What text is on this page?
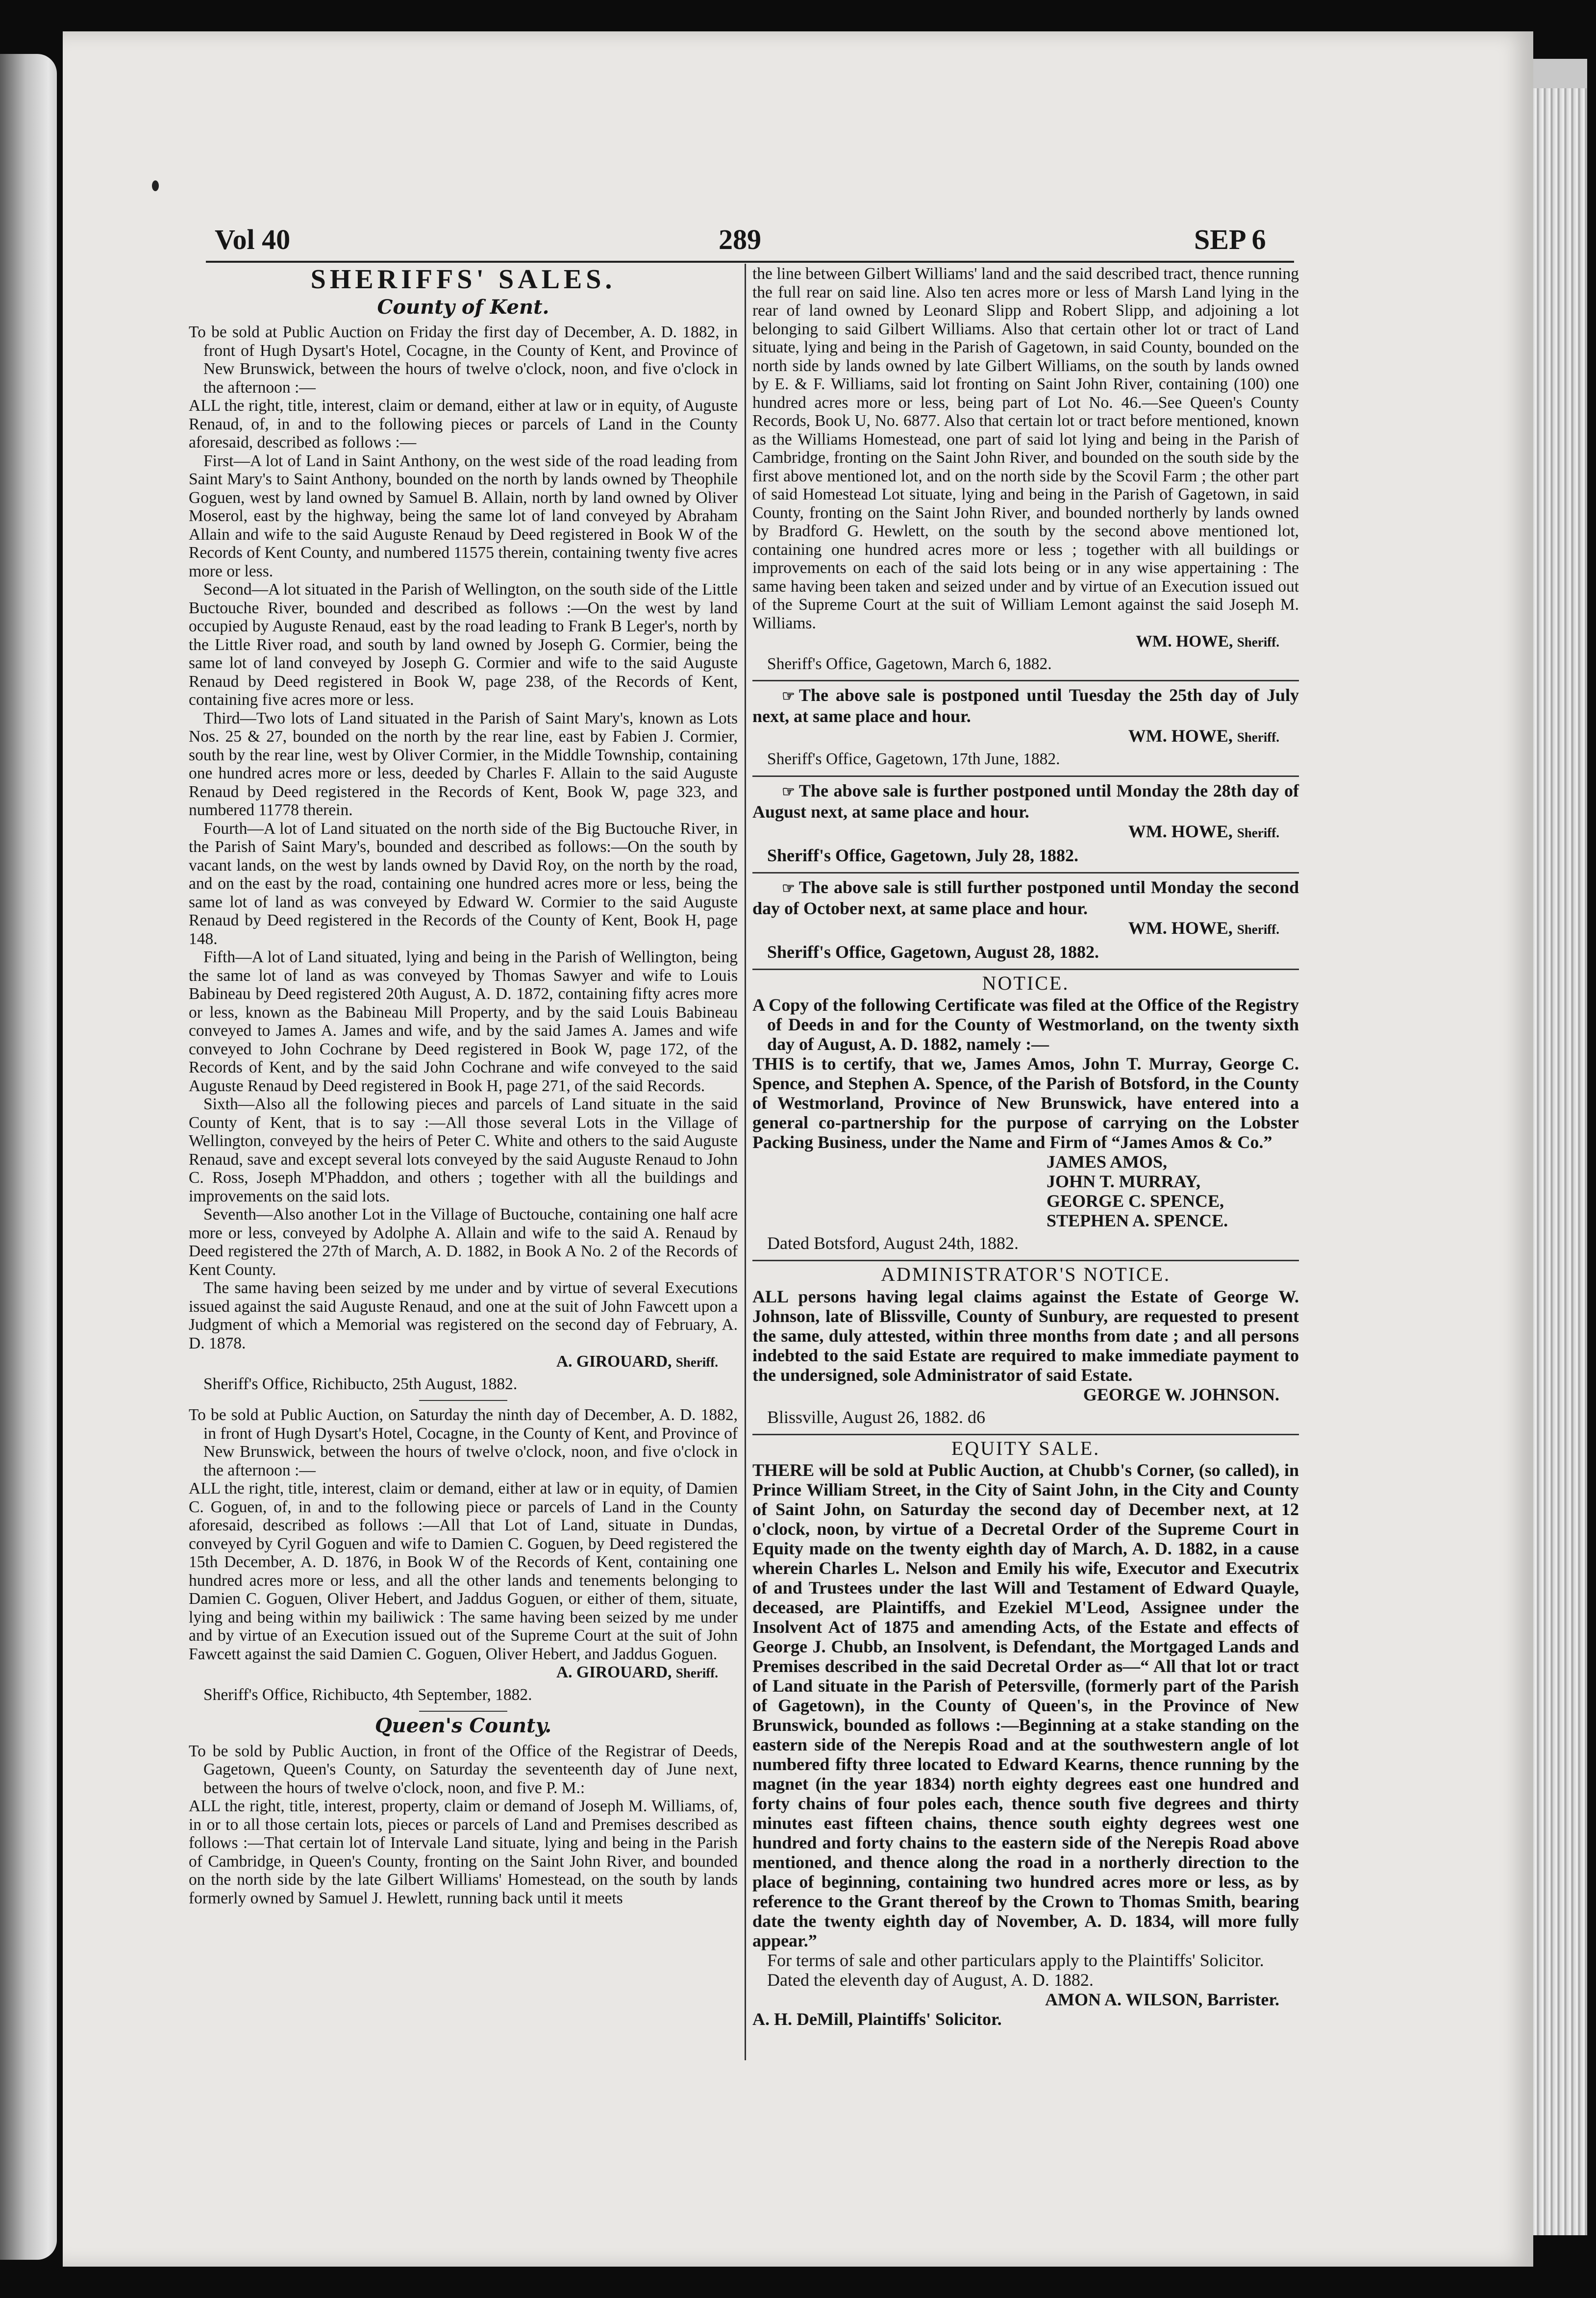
Vol 40	289	SEP 6
SHERIFFS' SALES.
County of Kent.

To be sold at Public Auction on Friday the first day of December, A. D. 1882, in front of Hugh Dysart's Hotel, Cocagne, in the County of Kent, and Province of New Brunswick, between the hours of twelve o'clock, noon, and five o'clock in the afternoon :—

ALL the right, title, interest, claim or demand, either at law or in equity, of Auguste Renaud, of, in and to the following pieces or parcels of Land in the County aforesaid, described as follows :—

First—A lot of Land in Saint Anthony, on the west side of the road leading from Saint Mary's to Saint Anthony, bounded on the north by lands owned by Theophile Goguen, west by land owned by Samuel B. Allain, north by land owned by Oliver Moserol, east by the highway, being the same lot of land conveyed by Abraham Allain and wife to the said Auguste Renaud by Deed registered in Book W of the Records of Kent County, and numbered 11575 therein, containing twenty five acres more or less.

Second—A lot situated in the Parish of Wellington, on the south side of the Little Buctouche River, bounded and described as follows :—On the west by land occupied by Auguste Renaud, east by the road leading to Frank B Leger's, north by the Little River road, and south by land owned by Joseph G. Cormier, being the same lot of land conveyed by Joseph G. Cormier and wife to the said Auguste Renaud by Deed registered in Book W, page 238, of the Records of Kent, containing five acres more or less.

Third—Two lots of Land situated in the Parish of Saint Mary's, known as Lots Nos. 25 & 27, bounded on the north by the rear line, east by Fabien J. Cormier, south by the rear line, west by Oliver Cormier, in the Middle Township, containing one hundred acres more or less, deeded by Charles F. Allain to the said Auguste Renaud by Deed registered in the Records of Kent, Book W, page 323, and numbered 11778 therein.

Fourth—A lot of Land situated on the north side of the Big Buctouche River, in the Parish of Saint Mary's, bounded and described as follows:—On the south by vacant lands, on the west by lands owned by David Roy, on the north by the road, and on the east by the road, containing one hundred acres more or less, being the same lot of land as was conveyed by Edward W. Cormier to the said Auguste Renaud by Deed registered in the Records of the County of Kent, Book H, page 148.

Fifth—A lot of Land situated, lying and being in the Parish of Wellington, being the same lot of land as was conveyed by Thomas Sawyer and wife to Louis Babineau by Deed registered 20th August, A. D. 1872, containing fifty acres more or less, known as the Babineau Mill Property, and by the said Louis Babineau conveyed to James A. James and wife, and by the said James A. James and wife conveyed to John Cochrane by Deed registered in Book W, page 172, of the Records of Kent, and by the said John Cochrane and wife conveyed to the said Auguste Renaud by Deed registered in Book H, page 271, of the said Records.

Sixth—Also all the following pieces and parcels of Land situate in the said County of Kent, that is to say :—All those several Lots in the Village of Wellington, conveyed by the heirs of Peter C. White and others to the said Auguste Renaud, save and except several lots conveyed by the said Auguste Renaud to John C. Ross, Joseph M'Phaddon, and others ; together with all the buildings and improvements on the said lots.

Seventh—Also another Lot in the Village of Buctouche, containing one half acre more or less, conveyed by Adolphe A. Allain and wife to the said A. Renaud by Deed registered the 27th of March, A. D. 1882, in Book A No. 2 of the Records of Kent County.

The same having been seized by me under and by virtue of several Executions issued against the said Auguste Renaud, and one at the suit of John Fawcett upon a Judgment of which a Memorial was registered on the second day of February, A. D. 1878.

A. GIROUARD, Sheriff.
Sheriff's Office, Richibucto, 25th August, 1882.

To be sold at Public Auction, on Saturday the ninth day of December, A. D. 1882, in front of Hugh Dysart's Hotel, Cocagne, in the County of Kent, and Province of New Brunswick, between the hours of twelve o'clock, noon, and five o'clock in the afternoon :—

ALL the right, title, interest, claim or demand, either at law or in equity, of Damien C. Goguen, of, in and to the following piece or parcels of Land in the County aforesaid, described as follows :—All that Lot of Land, situate in Dundas, conveyed by Cyril Goguen and wife to Damien C. Goguen, by Deed registered the 15th December, A. D. 1876, in Book W of the Records of Kent, containing one hundred acres more or less, and all the other lands and tenements belonging to Damien C. Goguen, Oliver Hebert, and Jaddus Goguen, or either of them, situate, lying and being within my bailiwick : The same having been seized by me under and by virtue of an Execution issued out of the Supreme Court at the suit of John Fawcett against the said Damien C. Goguen, Oliver Hebert, and Jaddus Goguen.

A. GIROUARD, Sheriff.
Sheriff's Office, Richibucto, 4th September, 1882.
Queen's County.

To be sold by Public Auction, in front of the Office of the Registrar of Deeds, Gagetown, Queen's County, on Saturday the seventeenth day of June next, between the hours of twelve o'clock, noon, and five P. M.:

ALL the right, title, interest, property, claim or demand of Joseph M. Williams, of, in or to all those certain lots, pieces or parcels of Land and Premises described as follows :—That certain lot of Intervale Land situate, lying and being in the Parish of Cambridge, in Queen's County, fronting on the Saint John River, and bounded on the north side by the late Gilbert Williams' Homestead, on the south by lands formerly owned by Samuel J. Hewlett, running back until it meets

the line between Gilbert Williams' land and the said described tract, thence running the full rear on said line. Also ten acres more or less of Marsh Land lying in the rear of land owned by Leonard Slipp and Robert Slipp, and adjoining a lot belonging to said Gilbert Williams. Also that certain other lot or tract of Land situate, lying and being in the Parish of Gagetown, in said County, bounded on the north side by lands owned by late Gilbert Williams, on the south by lands owned by E. & F. Williams, said lot fronting on Saint John River, containing (100) one hundred acres more or less, being part of Lot No. 46.—See Queen's County Records, Book U, No. 6877. Also that certain lot or tract before mentioned, known as the Williams Homestead, one part of said lot lying and being in the Parish of Cambridge, fronting on the Saint John River, and bounded on the south side by the first above mentioned lot, and on the north side by the Scovil Farm ; the other part of said Homestead Lot situate, lying and being in the Parish of Gagetown, in said County, fronting on the Saint John River, and bounded northerly by lands owned by Bradford G. Hewlett, on the south by the second above mentioned lot, containing one hundred acres more or less ; together with all buildings or improvements on each of the said lots being or in any wise appertaining : The same having been taken and seized under and by virtue of an Execution issued out of the Supreme Court at the suit of William Lemont against the said Joseph M. Williams.

WM. HOWE, Sheriff.
Sheriff's Office, Gagetown, March 6, 1882.

☞ The above sale is postponed until Tuesday the 25th day of July next, at same place and hour.

WM. HOWE, Sheriff.
Sheriff's Office, Gagetown, 17th June, 1882.

☞ The above sale is further postponed until Monday the 28th day of August next, at same place and hour.

WM. HOWE, Sheriff.
Sheriff's Office, Gagetown, July 28, 1882.

☞ The above sale is still further postponed until Monday the second day of October next, at same place and hour.

WM. HOWE, Sheriff.
Sheriff's Office, Gagetown, August 28, 1882.
NOTICE.

A Copy of the following Certificate was filed at the Office of the Registry of Deeds in and for the County of Westmorland, on the twenty sixth day of August, A. D. 1882, namely :—

THIS is to certify, that we, James Amos, John T. Murray, George C. Spence, and Stephen A. Spence, of the Parish of Botsford, in the County of Westmorland, Province of New Brunswick, have entered into a general co-partnership for the purpose of carrying on the Lobster Packing Business, under the Name and Firm of “James Amos & Co.”

JAMES AMOS,
JOHN T. MURRAY,
GEORGE C. SPENCE,
STEPHEN A. SPENCE.
Dated Botsford, August 24th, 1882.
ADMINISTRATOR'S NOTICE.

ALL persons having legal claims against the Estate of George W. Johnson, late of Blissville, County of Sunbury, are requested to present the same, duly attested, within three months from date ; and all persons indebted to the said Estate are required to make immediate payment to the undersigned, sole Administrator of said Estate.

GEORGE W. JOHNSON.
Blissville, August 26, 1882. d6
EQUITY SALE.

THERE will be sold at Public Auction, at Chubb's Corner, (so called), in Prince William Street, in the City of Saint John, in the City and County of Saint John, on Saturday the second day of December next, at 12 o'clock, noon, by virtue of a Decretal Order of the Supreme Court in Equity made on the twenty eighth day of March, A. D. 1882, in a cause wherein Charles L. Nelson and Emily his wife, Executor and Executrix of and Trustees under the last Will and Testament of Edward Quayle, deceased, are Plaintiffs, and Ezekiel M'Leod, Assignee under the Insolvent Act of 1875 and amending Acts, of the Estate and effects of George J. Chubb, an Insolvent, is Defendant, the Mortgaged Lands and Premises described in the said Decretal Order as—“ All that lot or tract of Land situate in the Parish of Petersville, (formerly part of the Parish of Gagetown), in the County of Queen's, in the Province of New Brunswick, bounded as follows :—Beginning at a stake standing on the eastern side of the Nerepis Road and at the southwestern angle of lot numbered fifty three located to Edward Kearns, thence running by the magnet (in the year 1834) north eighty degrees east one hundred and forty chains of four poles each, thence south five degrees and thirty minutes east fifteen chains, thence south eighty degrees west one hundred and forty chains to the eastern side of the Nerepis Road above mentioned, and thence along the road in a northerly direction to the place of beginning, containing two hundred acres more or less, as by reference to the Grant thereof by the Crown to Thomas Smith, bearing date the twenty eighth day of November, A. D. 1834, will more fully appear.”

For terms of sale and other particulars apply to the Plaintiffs' Solicitor.

Dated the eleventh day of August, A. D. 1882.

AMON A. WILSON, Barrister.
A. H. DeMill, Plaintiffs' Solicitor.
